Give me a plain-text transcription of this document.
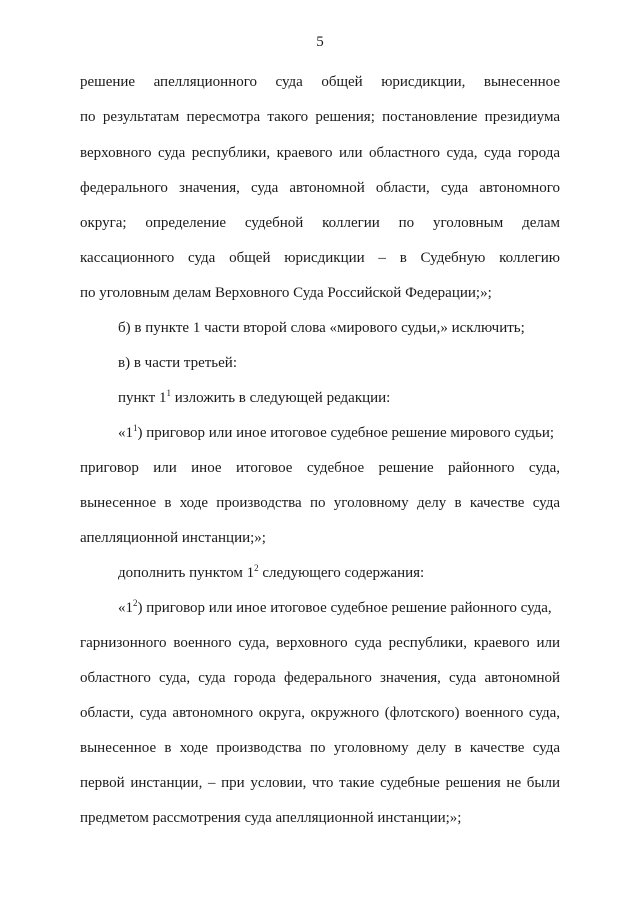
5
решение апелляционного суда общей юрисдикции, вынесенное
по результатам пересмотра такого решения; постановление президиума
верховного суда республики, краевого или областного суда, суда города
федерального значения, суда автономной области, суда автономного
округа; определение судебной коллегии по уголовным делам
кассационного суда общей юрисдикции – в Судебную коллегию
по уголовным делам Верховного Суда Российской Федерации;»;
б) в пункте 1 части второй слова «мирового судьи,» исключить;
в) в части третьей:
пункт $1^1$ изложить в следующей редакции:
«$1^1$) приговор или иное итоговое судебное решение мирового судьи;
приговор или иное итоговое судебное решение районного суда,
вынесенное в ходе производства по уголовному делу в качестве суда
апелляционной инстанции;»;
дополнить пунктом $1^2$ следующего содержания:
«$1^2$) приговор или иное итоговое судебное решение районного суда,
гарнизонного военного суда, верховного суда республики, краевого или
областного суда, суда города федерального значения, суда автономной
области, суда автономного округа, окружного (флотского) военного суда,
вынесенное в ходе производства по уголовному делу в качестве суда
первой инстанции, – при условии, что такие судебные решения не были
предметом рассмотрения суда апелляционной инстанции;»;
